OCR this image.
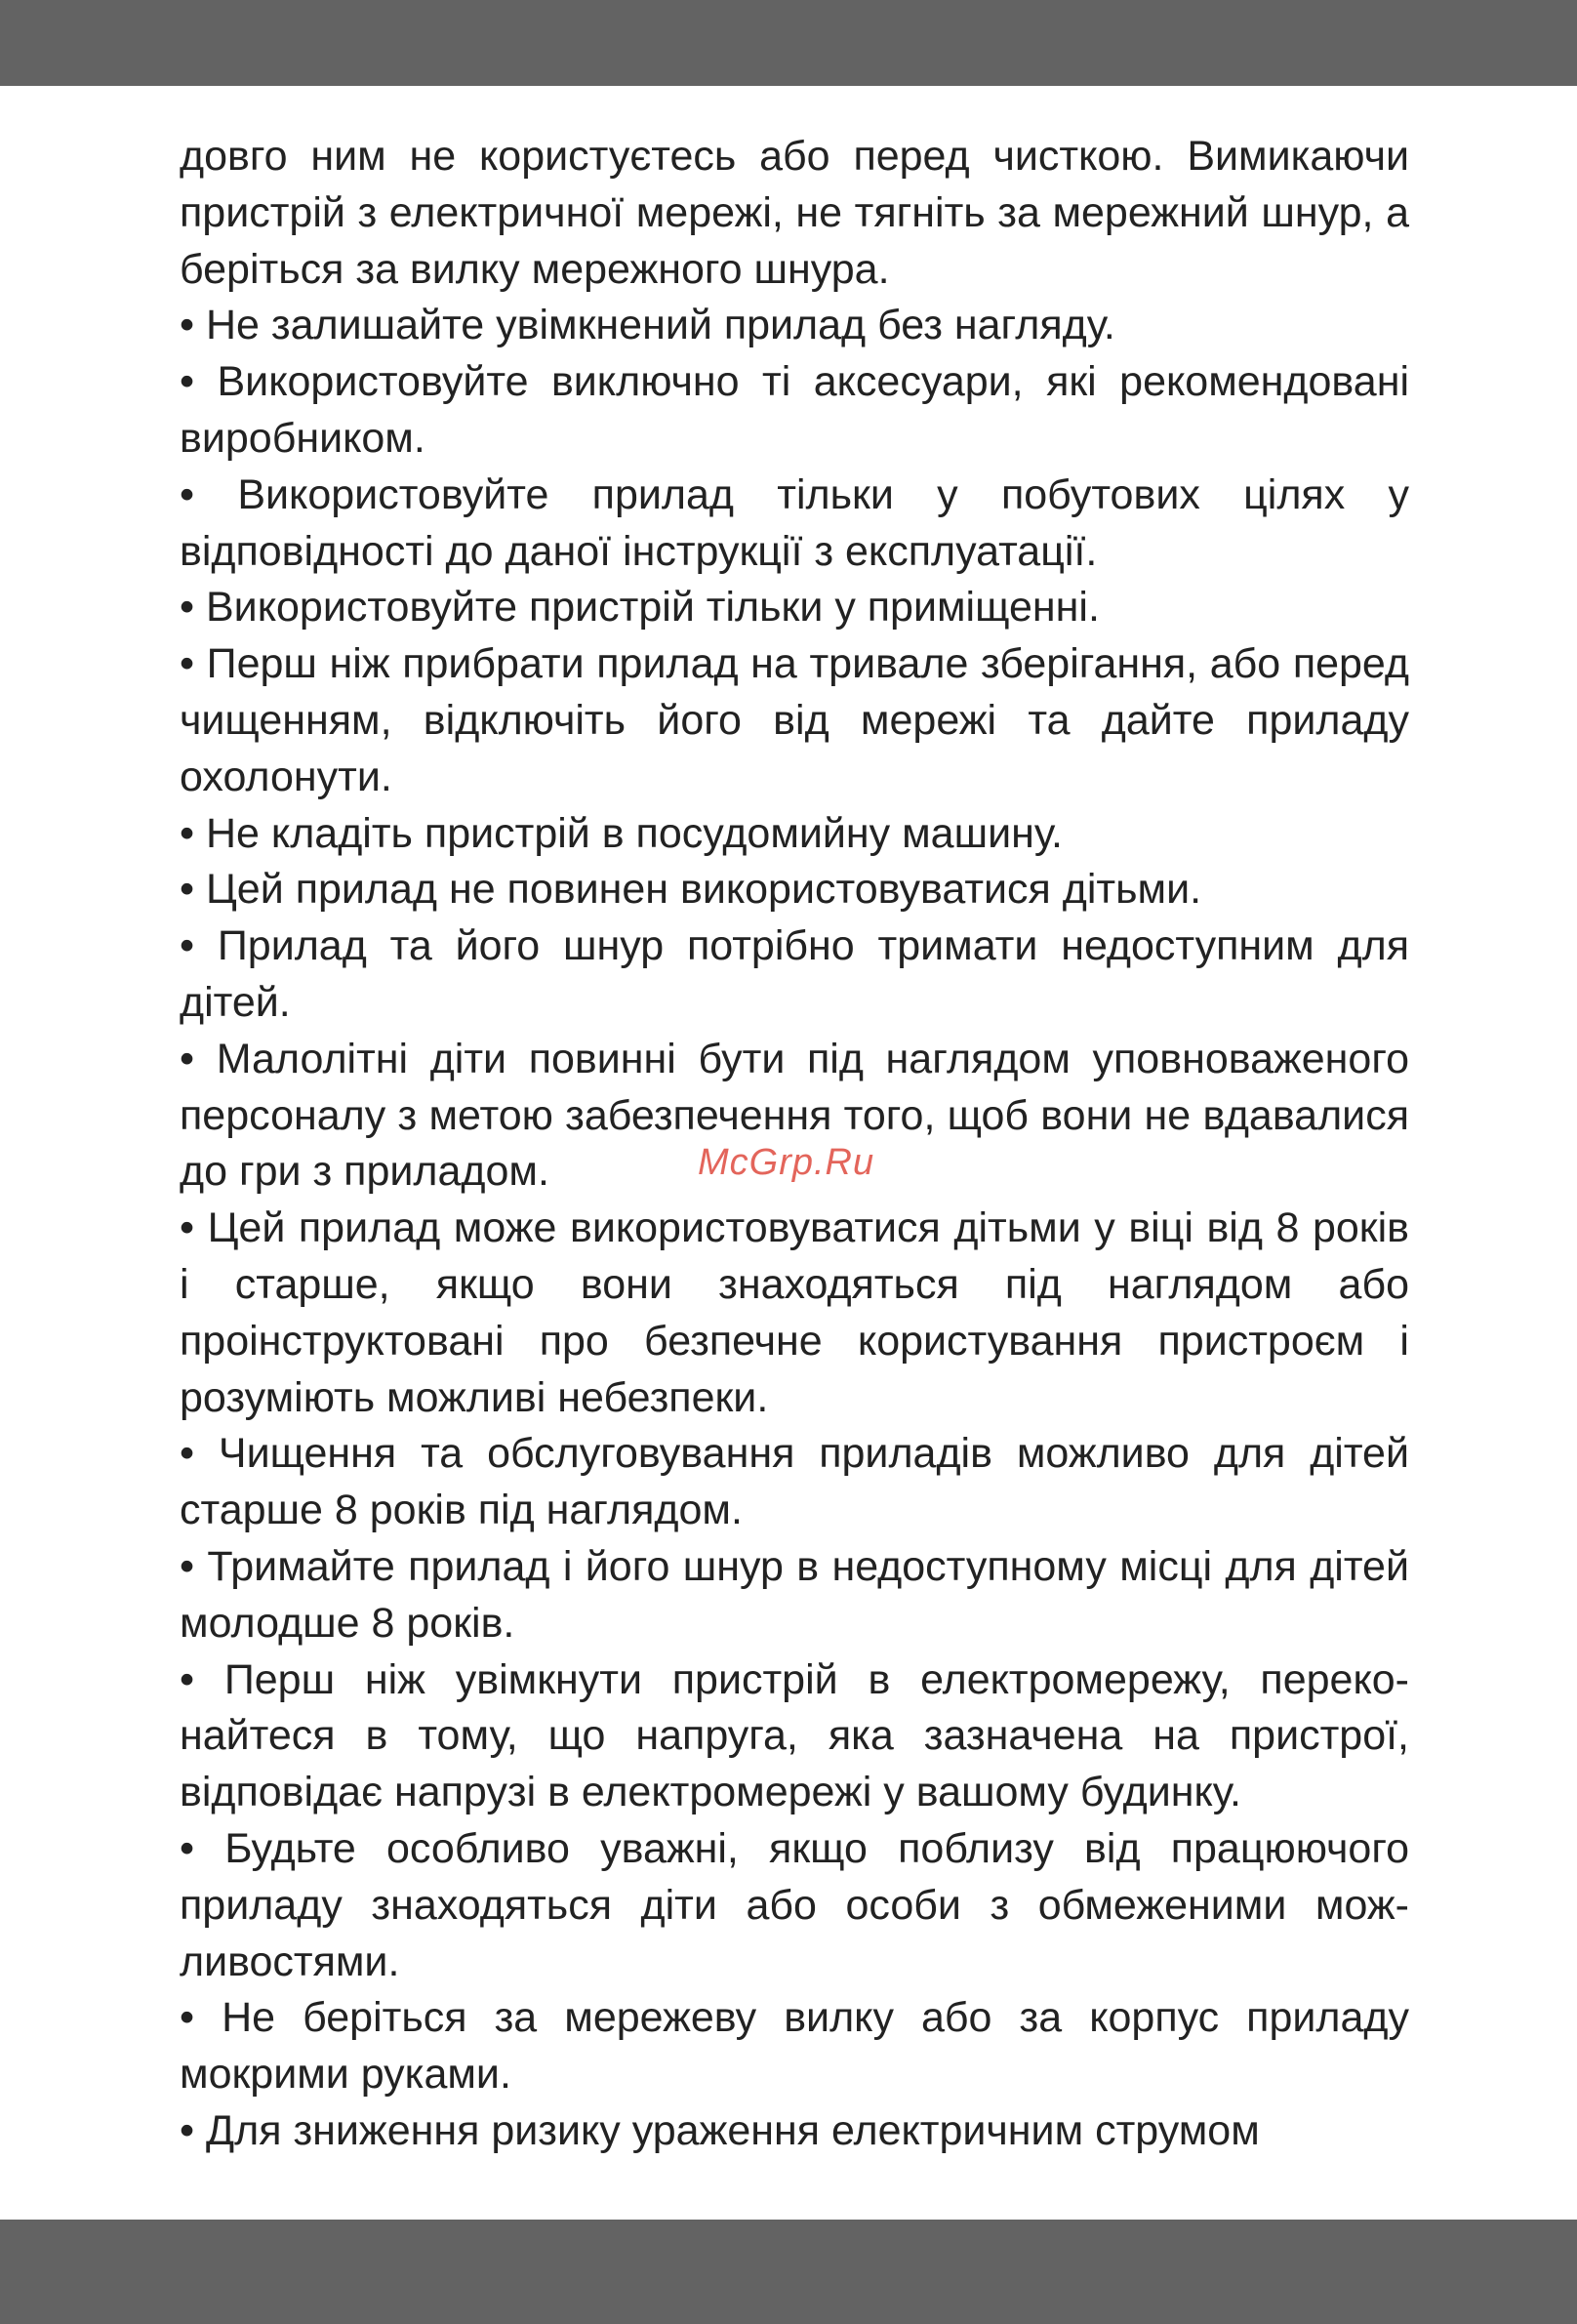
довго ним не користуєтесь або перед чисткою. Вимикаючи пристрій з електричної мережі, не тягніть за мережний шнур, а беріться за вилку мережного шнура.

• Не залишайте увімкнений прилад без нагляду.

• Використовуйте виключно ті аксесуари, які рекомендовані виробником.

• Використовуйте прилад тільки у побутових цілях у відповідності до даної інструкції з експлуатації.

• Використовуйте пристрій тільки у приміщенні.

• Перш ніж прибрати прилад на тривале зберігання, або перед чищенням, відключіть його від мережі та дайте приладу охолонути.

• Не кладіть пристрій в посудомийну машину.

• Цей прилад не повинен використовуватися дітьми.

• Прилад та його шнур потрібно тримати недоступним для дітей.

• Малолітні діти повинні бути під наглядом уповноваженого персоналу з метою забезпечення того, щоб вони не вдавалися до гри з приладом.

• Цей прилад може використовуватися дітьми у віці від 8 років і старше, якщо вони знаходяться під наглядом або проінструктовані про безпечне користування пристроєм і розуміють можливі небезпеки.

• Чищення та обслуговування приладів можливо для дітей старше 8 років під наглядом.

• Тримайте прилад і його шнур в недоступному місці для дітей молодше 8 років.

• Перш ніж увімкнути пристрій в електромережу, переконайтеся в тому, що напруга, яка зазначена на пристрої, відповідає напрузі в електромережі у вашому будинку.

• Будьте особливо уважні, якщо поблизу від працюючого приладу знаходяться діти або особи з обмеженими можливостями.

• Не беріться за мережеву вилку або за корпус приладу мокрими руками.

• Для зниження ризику ураження електричним струмом

McGrp.Ru
